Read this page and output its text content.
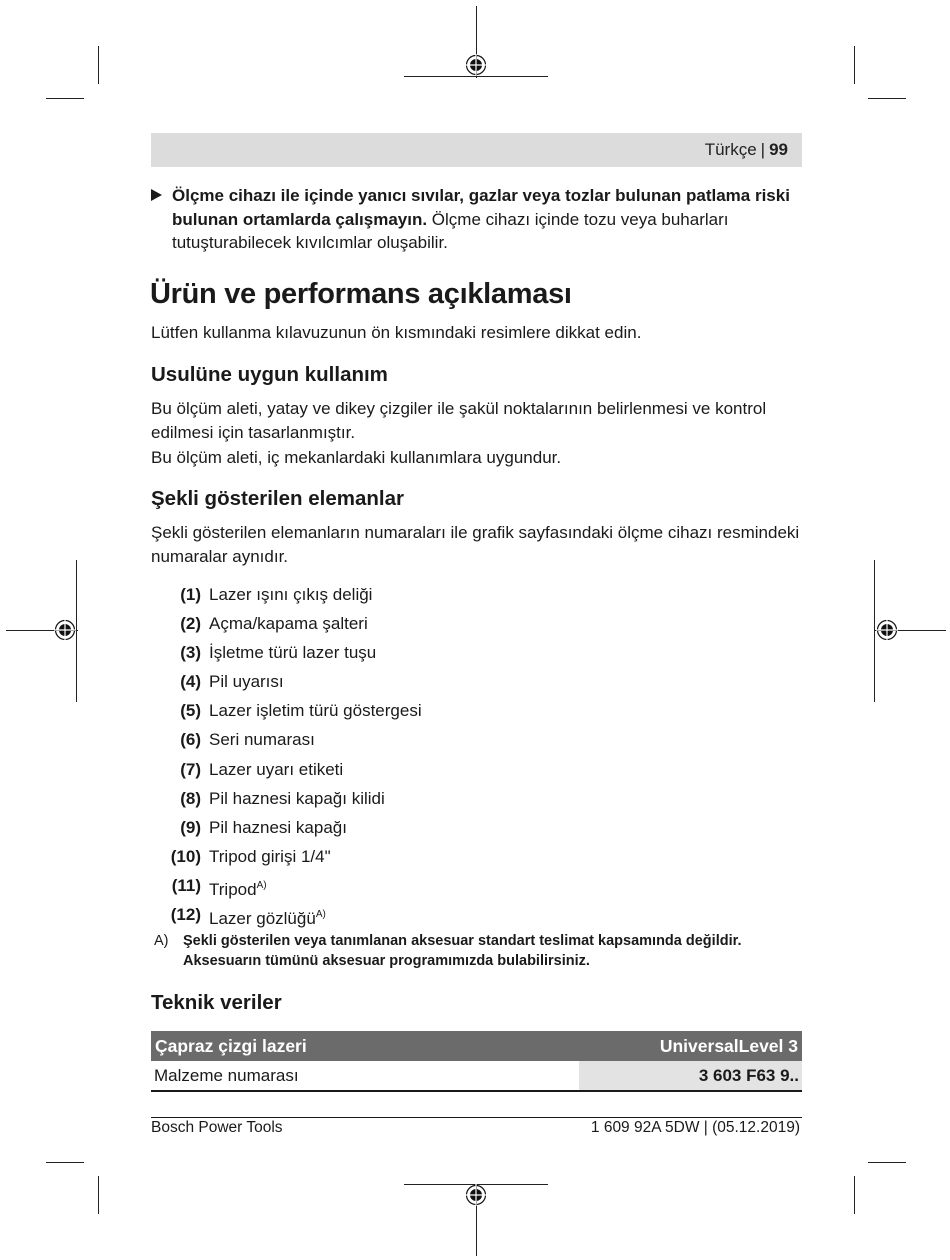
Türkçe | 99
Ölçme cihazı ile içinde yanıcı sıvılar, gazlar veya tozlar bulunan patlama riski bulunan ortamlarda çalışmayın. Ölçme cihazı içinde tozu veya buharları tutuşturabilecek kıvılcımlar oluşabilir.
Ürün ve performans açıklaması
Lütfen kullanma kılavuzunun ön kısmındaki resimlere dikkat edin.
Usulüne uygun kullanım
Bu ölçüm aleti, yatay ve dikey çizgiler ile şakül noktalarının belirlenmesi ve kontrol edilmesi için tasarlanmıştır.
Bu ölçüm aleti, iç mekanlardaki kullanımlara uygundur.
Şekli gösterilen elemanlar
Şekli gösterilen elemanların numaraları ile grafik sayfasındaki ölçme cihazı resmindeki numaralar aynıdır.
(1) Lazer ışını çıkış deliği
(2) Açma/kapama şalteri
(3) İşletme türü lazer tuşu
(4) Pil uyarısı
(5) Lazer işletim türü göstergesi
(6) Seri numarası
(7) Lazer uyarı etiketi
(8) Pil haznesi kapağı kilidi
(9) Pil haznesi kapağı
(10) Tripod girişi 1/4"
(11) Tripod$^{A)}$
(12) Lazer gözlüğü$^{A)}$
A) Şekli gösterilen veya tanımlanan aksesuar standart teslimat kapsamında değildir. Aksesuarın tümünü aksesuar programımızda bulabilirsiniz.
Teknik veriler
Çapraz çizgi lazeri	UniversalLevel 3
Malzeme numarası	3 603 F63 9..
Bosch Power Tools	1 609 92A 5DW | (05.12.2019)
